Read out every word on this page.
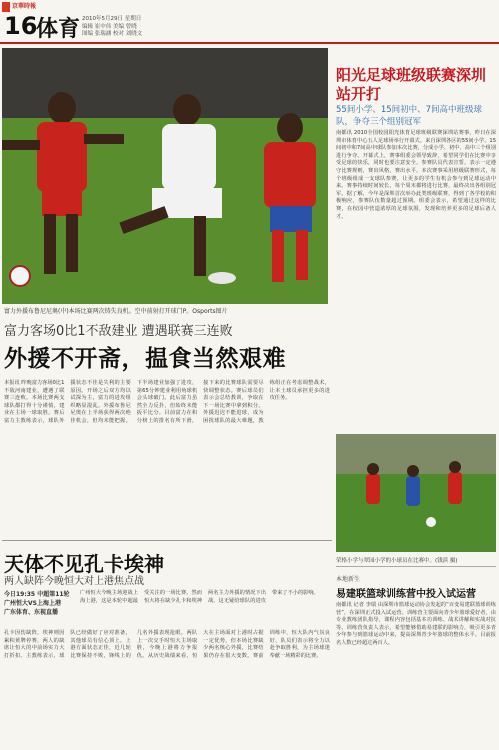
京華時報
16
体育 2010年5月29日 星期日
编辑 崔中伟 美编 曾晓
图编 张瑞涵 校对 刘晓文
富力外援布鲁尼尼奥(中)本场比赛两次铸失良机。空中前射打开球门P。Osports图片
阳光足球班级联赛深圳站开打
55间小学、15间初中、7间高中班级球队，争夺三个组别冠军
南都讯 2010全国校园阳光体育足球班级联赛深圳站赛事，昨日在深圳市体育中心五人足球场举行开幕式。来自深圳各区的55间小学、15间初中和7间高中球队参加本次比赛，分成小学、初中、高中三个组别进行争夺。开幕式上，赛事组委会领导致辞，希望同学们在比赛中享受足球的快乐，同时也要注意安全。参赛队员代表宣誓，表示一定遵守比赛规则，赛出风格，赛出水平。本次赛事采用班级联赛形式，每个班级组成一支球队参赛，让更多的学生有机会参与到足球运动中来。赛事持续时间较长，每个周末都将进行比赛，最终决出各组别冠军。据了解，今年是深圳首次举办此类班级联赛，得到了各学校的积极响应，参赛队伍数量超过预期。组委会表示，希望通过这样的比赛，在校园中营造浓厚的足球氛围，发现和培养更多的足球后备人才。
荣格小学与翠园小学的小球员在比赛中。(钱滨 摄)
本地新生
易建联篮球训练营中投入试运营
南都讯 记者 李瑞 由深圳市篮球运动协会发起的“百变易建联篮球训练营”，在深圳正式投入试运营。训练营主要面向青少年篮球爱好者，由专业教练团队指导，课程内容包括基本功训练、战术讲解和实战对抗等。训练营负责人表示，希望能够借助易建联的影响力，吸引更多青少年参与到篮球运动中来，提高深圳青少年篮球的整体水平。目前报名人数已经超过两百人。
富力客场0比1不敌建业 遭遇联赛三连败
外援不开斋，揾食当然艰难
本报讯 昨晚富力客场0比1不敌河南建业，遭遇了联赛三连败。本场比赛两支球队都打得十分谨慎，建业在主场一球取胜。赛后富力主教练表示，球队外援状态不佳是失利的主要原因。开场之后双方均以试探为主，富力的进攻组织略显混乱。外援布鲁尼尼奥在上半场获得两次绝佳机会，但均未能把握。下半场建业加强了进攻，第65分钟建业利用角球机会头球破门。此后富力虽然全力反扑，但始终未能扳平比分。目前富力在积分榜上的排名有所下滑，接下来的比赛球队需要尽快调整状态。赛后球员们表示会总结教训，争取在下一场比赛中拿到积分。外援迟迟不能进球，成为困扰球队的最大难题，教练组正在考虑调整战术，让本土球员承担更多的进攻任务。
天体不见孔卡埃神
两人缺阵今晚恒大对上港焦点战
今日19:35 中超第11轮
广州恒大VS上海上港
广东体育、东视直播
广州恒大今晚主场迎战上海上港，这是本轮中超最受关注的一场比赛。然而恒大将在缺少孔卡和埃神两名主力外援的情况下出战，这无疑给球队的进攻带来了不小的影响。
孔卡因伤缺阵，埃神则因累积黄牌停赛，两人的缺席让恒大的中前场实力大打折扣。主教练表示，球队已经做好了应对准备，其他球员有信心顶上。上港方面状态正佳，近几轮比赛保持不败，锋线上的几名外援表现抢眼。两队上一次交手时恒大主场取胜，今晚上港将力争报仇。从历史战绩来看，恒大在主场面对上港时占据一定优势，但本场比赛缺少两名核心外援，比赛结果仍存在很大变数。赛前训练中，恒大队内气氛良好，队员们表示将全力以赴争取胜利，为主场球迷奉献一场精彩的比赛。
